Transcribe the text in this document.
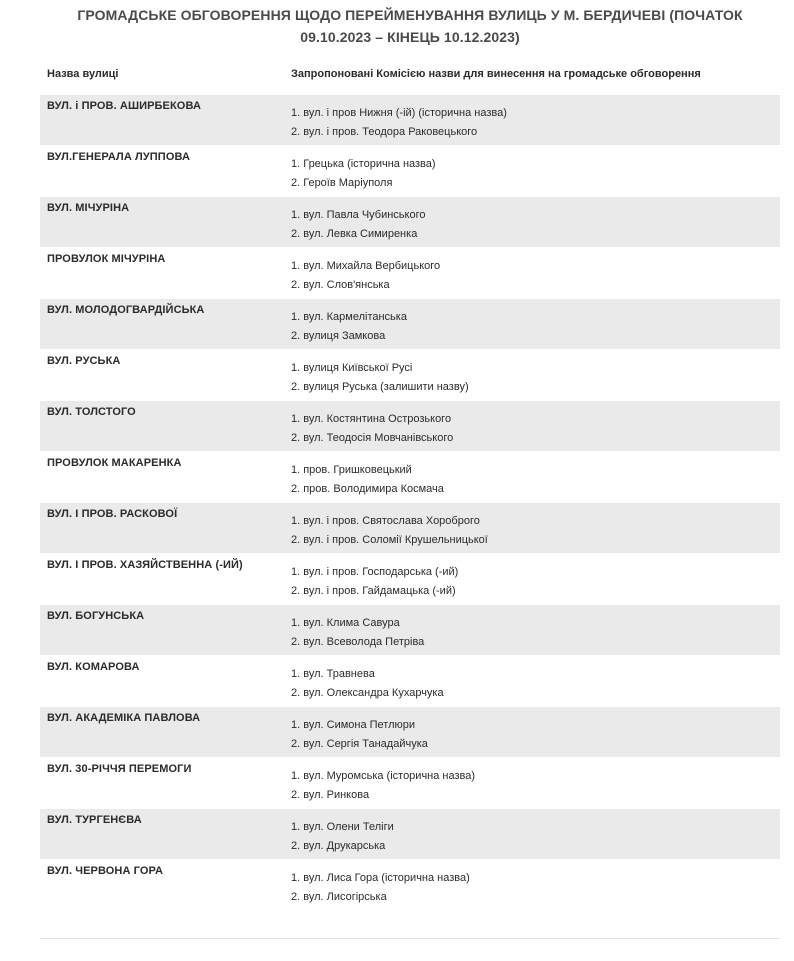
ГРОМАДСЬКЕ ОБГОВОРЕННЯ ЩОДО ПЕРЕЙМЕНУВАННЯ ВУЛИЦЬ У М. БЕРДИЧЕВІ (ПОЧАТОК 09.10.2023 – КІНЕЦЬ 10.12.2023)
Назва вулиці	Запропоновані Комісією назви для винесення на громадське обговорення

ВУЛ. і ПРОВ. АШИРБЕКОВА	1. вул. і пров Нижня (-ій) (історична назва)
2. вул. і пров. Теодора Раковецького

ВУЛ.ГЕНЕРАЛА ЛУППОВА	1. Грецька (історична назва)
2. Героїв Маріуполя

ВУЛ. МІЧУРІНА	1. вул. Павла Чубинського
2. вул. Левка Симиренка

ПРОВУЛОК МІЧУРІНА	1. вул. Михайла Вербицького
2. вул. Слов'янська

ВУЛ. МОЛОДОГВАРДІЙСЬКА	1. вул. Кармелітанська
2. вулиця Замкова

ВУЛ. РУСЬКА	1. вулиця Київської Русі
2. вулиця Руська (залишити назву)

ВУЛ. ТОЛСТОГО	1. вул. Костянтина Острозького
2. вул. Теодосія Мовчанівського

ПРОВУЛОК МАКАРЕНКА	1. пров. Гришковецький
2. пров. Володимира Космача

ВУЛ. І ПРОВ. РАСКОВОЇ	1. вул. і пров. Святослава Хороброго
2. вул. і пров. Соломії Крушельницької

ВУЛ. І ПРОВ. ХАЗЯЙСТВЕННА (-ИЙ)	1. вул. і пров. Господарська (-ий)
2. вул. і пров. Гайдамацька (-ий)

ВУЛ. БОГУНСЬКА	1. вул. Клима Савура
2. вул. Всеволода Петріва

ВУЛ. КОМАРОВА	1. вул. Травнева
2. вул. Олександра Кухарчука

ВУЛ. АКАДЕМІКА ПАВЛОВА	1. вул. Симона Петлюри
2. вул. Сергія Танадайчука

ВУЛ. 30-РІЧЧЯ ПЕРЕМОГИ	1. вул. Муромська (історична назва)
2. вул. Ринкова

ВУЛ. ТУРГЕНЄВА	1. вул. Олени Теліги
2. вул. Друкарська

ВУЛ. ЧЕРВОНА ГОРА	1. вул. Лиса Гора (історична назва)
2. вул. Лисогірська
